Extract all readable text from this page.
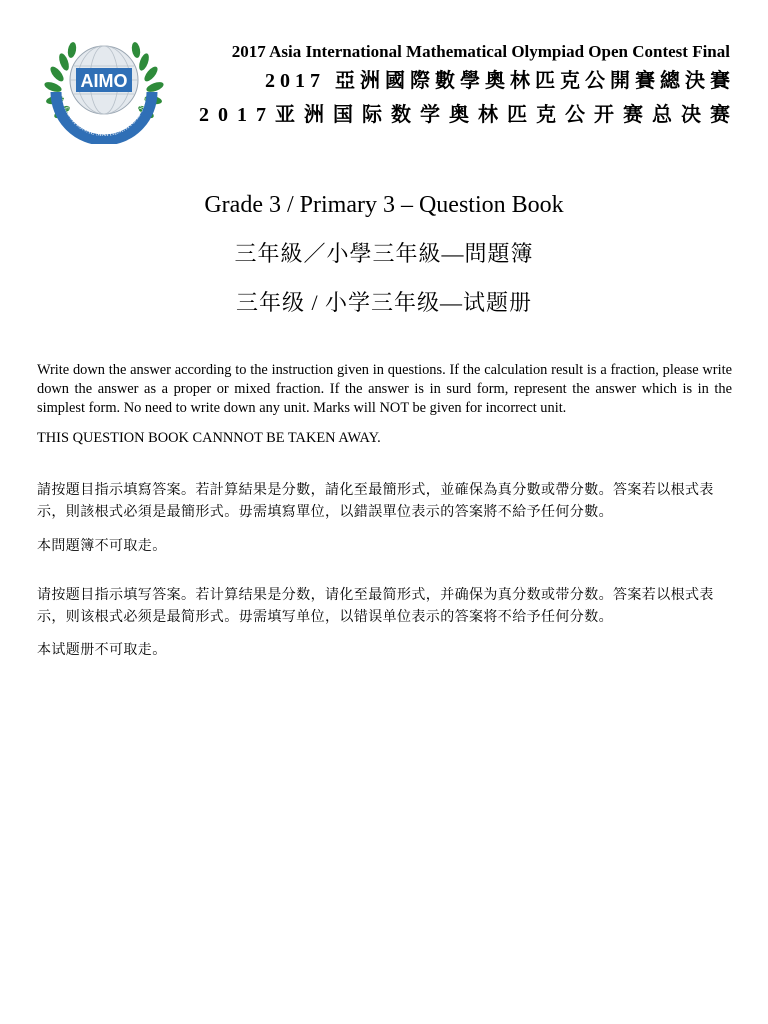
AIMO
INTERNATIONAL MATHEMATICAL OLYM
2017 Asia International Mathematical Olympiad Open Contest Final
2017 亞洲國際數學奧林匹克公開賽總決賽
2017亚洲国际数学奥林匹克公开赛总决赛
Grade 3 / Primary 3 – Question Book
三年級／小學三年級—問題簿
三年级 / 小学三年级—试题册
Write down the answer according to the instruction given in questions. If the calculation result is a fraction, please write down the answer as a proper or mixed fraction. If the answer is in surd form, represent the answer which is in the simplest form. No need to write down any unit. Marks will NOT be given for incorrect unit.
THIS QUESTION BOOK CANNNOT BE TAKEN AWAY.
請按題目指示填寫答案。若計算結果是分數，請化至最簡形式，並確保為真分數或帶分數。答案若以根式表示，則該根式必須是最簡形式。毋需填寫單位，以錯誤單位表示的答案將不給予任何分數。
本問題簿不可取走。
请按题目指示填写答案。若计算结果是分数，请化至最简形式，并确保为真分数或带分数。答案若以根式表示，则该根式必须是最简形式。毋需填写单位，以错误单位表示的答案将不给予任何分数。
本试题册不可取走。
